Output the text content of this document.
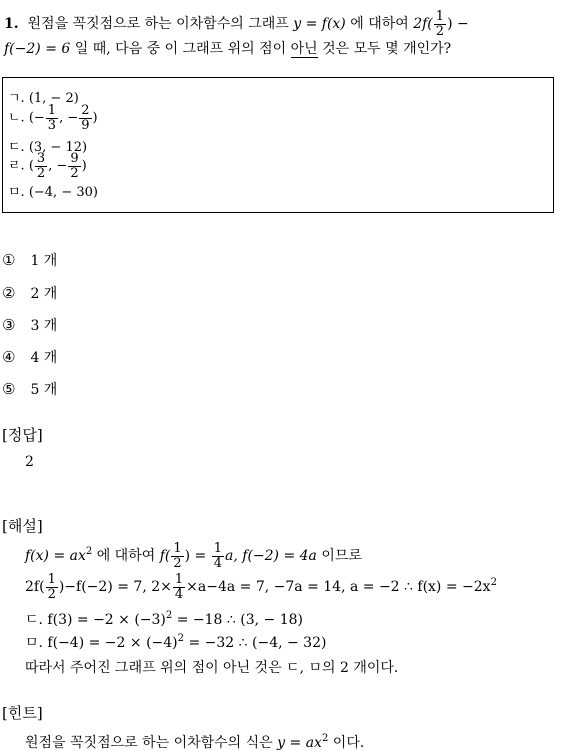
1. 원점을 꼭짓점으로 하는 이차함수의 그래프 y = f(x) 에 대하여 $2f( \frac{1}{2}$ ) −
f(−2) = 6 일 때, 다음 중 이 그래프 위의 점이 아닌 것은 모두 몇 개인가?
ㄱ. (1, − 2)
ㄴ. (− $\frac{1}{3}$ , − $\frac{2}{9}$ )
ㄷ. (3, − 12)
ㄹ. ( $\frac{3}{2}$ , − $\frac{9}{2}$ )
ㅁ. (−4, − 30)
① 1 개
② 2 개
③ 3 개
④ 4 개
⑤ 5 개
[정답]
2
[해설]
$f(x) = ax^2$ 에 대하여 $f( \frac{1}{2}$ ) = $\frac{1}{4} a$, f(−2) = 4a 이므로
$2f( \frac{1}{2} )-f(-2) = 7$, $2\times \frac{1}{4} \times a-4a = 7$, −7a = 14, a = −2 ∴ $f(x) = -2x^2$
ㄷ. $f(3) = -2 \times (-3)^2 = -18$ ∴ (3, − 18)
ㅁ. $f(-4) = -2 \times (-4)^2 = -32$ ∴ (−4, − 32)
따라서 주어진 그래프 위의 점이 아닌 것은 ㄷ, ㅁ의 2 개이다.
[힌트]
원점을 꼭짓점으로 하는 이차함수의 식은 $y = ax^2$ 이다.
